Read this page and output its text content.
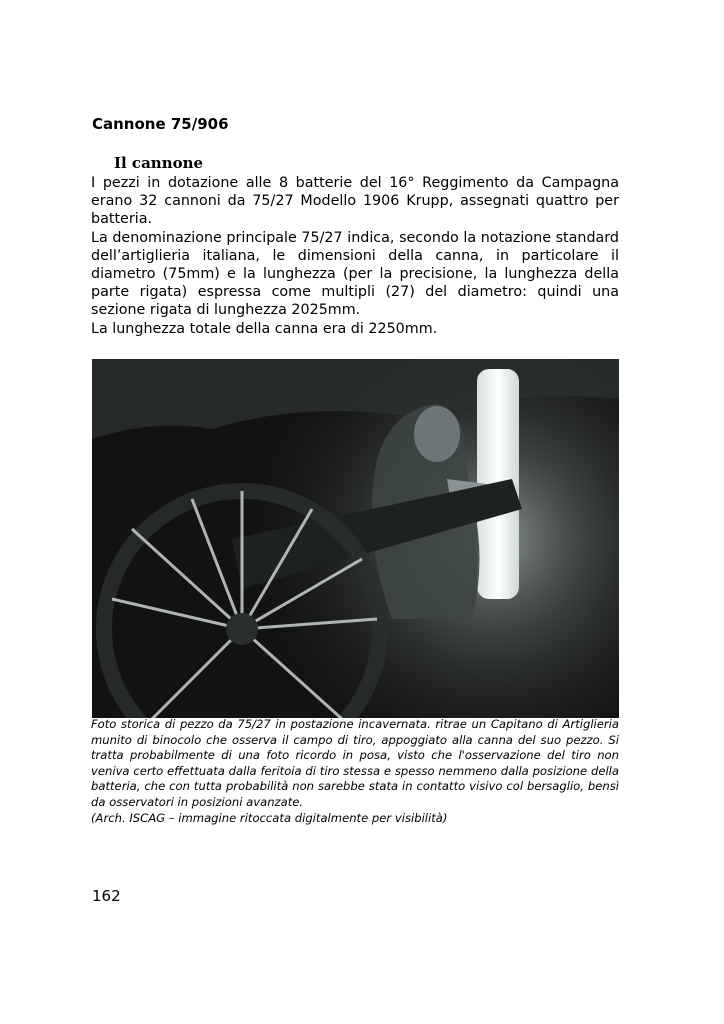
Cannone 75/906
Il cannone

I pezzi in dotazione alle 8 batterie del 16° Reggimento da Campagna erano 32 cannoni da 75/27 Modello 1906 Krupp, assegnati quattro per batteria.

La denominazione principale 75/27 indica, secondo la notazione standard dell’artiglieria italiana, le dimensioni della canna, in particolare il diametro (75mm) e la lunghezza (per la precisione, la lunghezza della parte rigata) espressa come multipli (27) del diametro: quindi una sezione rigata di lunghezza 2025mm.

La lunghezza totale della canna era di 2250mm.

Foto storica di pezzo da 75/27 in postazione incavernata. ritrae un Capitano di Artiglieria munito di binocolo che osserva il campo di tiro, appoggiato alla canna del suo pezzo. Si tratta probabilmente di una foto ricordo in posa, visto che l'osservazione del tiro non veniva certo effettuata dalla feritoia di tiro stessa e spesso nemmeno dalla posizione della batteria, che con tutta probabilità non sarebbe stata in contatto visivo col bersaglio, bensì da osservatori in posizioni avanzate.

(Arch. ISCAG – immagine ritoccata digitalmente per visibilità)

162
